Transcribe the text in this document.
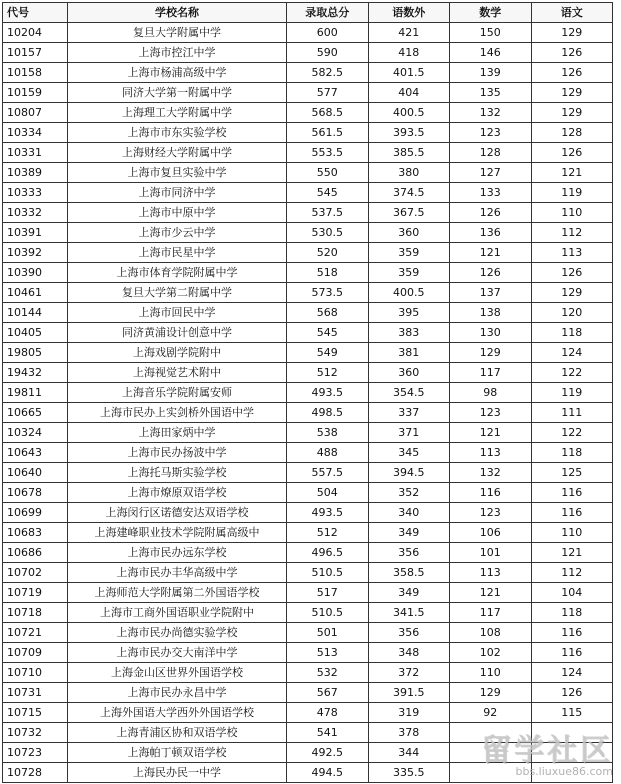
代号	学校名称	录取总分	语数外	数学	语文
10204	复旦大学附属中学	600	421	150	129
10157	上海市控江中学	590	418	146	126
10158	上海市杨浦高级中学	582.5	401.5	139	126
10159	同济大学第一附属中学	577	404	135	129
10807	上海理工大学附属中学	568.5	400.5	132	129
10334	上海市市东实验学校	561.5	393.5	123	128
10331	上海财经大学附属中学	553.5	385.5	128	126
10389	上海市复旦实验中学	550	380	127	121
10333	上海市同济中学	545	374.5	133	119
10332	上海市中原中学	537.5	367.5	126	110
10391	上海市少云中学	530.5	360	136	112
10392	上海市民星中学	520	359	121	113
10390	上海市体育学院附属中学	518	359	126	126
10461	复旦大学第二附属中学	573.5	400.5	137	129
10144	上海市回民中学	568	395	138	120
10405	同济黄浦设计创意中学	545	383	130	118
19805	上海戏剧学院附中	549	381	129	124
19432	上海视觉艺术附中	512	360	117	122
19811	上海音乐学院附属安师	493.5	354.5	98	119
10665	上海市民办上实剑桥外国语中学	498.5	337	123	111
10324	上海田家炳中学	538	371	121	122
10643	上海市民办扬波中学	488	345	113	118
10640	上海托马斯实验学校	557.5	394.5	132	125
10678	上海市燎原双语学校	504	352	116	116
10699	上海闵行区诺德安达双语学校	493.5	340	123	116
10683	上海建峰职业技术学院附属高级中	512	349	106	110
10686	上海市民办远东学校	496.5	356	101	121
10702	上海市民办丰华高级中学	510.5	358.5	113	112
10719	上海师范大学附属第二外国语学校	517	349	121	104
10718	上海市工商外国语职业学院附中	510.5	341.5	117	118
10721	上海市民办尚德实验学校	501	356	108	116
10709	上海市民办交大南洋中学	513	348	102	116
10710	上海金山区世界外国语学校	532	372	110	124
10731	上海市民办永昌中学	567	391.5	129	126
10715	上海外国语大学西外外国语学校	478	319	92	115
10732	上海青浦区协和双语学校	541	378		
10723	上海帕丁顿双语学校	492.5	344		
10728	上海民办民一中学	494.5	335.5		
留学社区
bbs.liuxue86.com
